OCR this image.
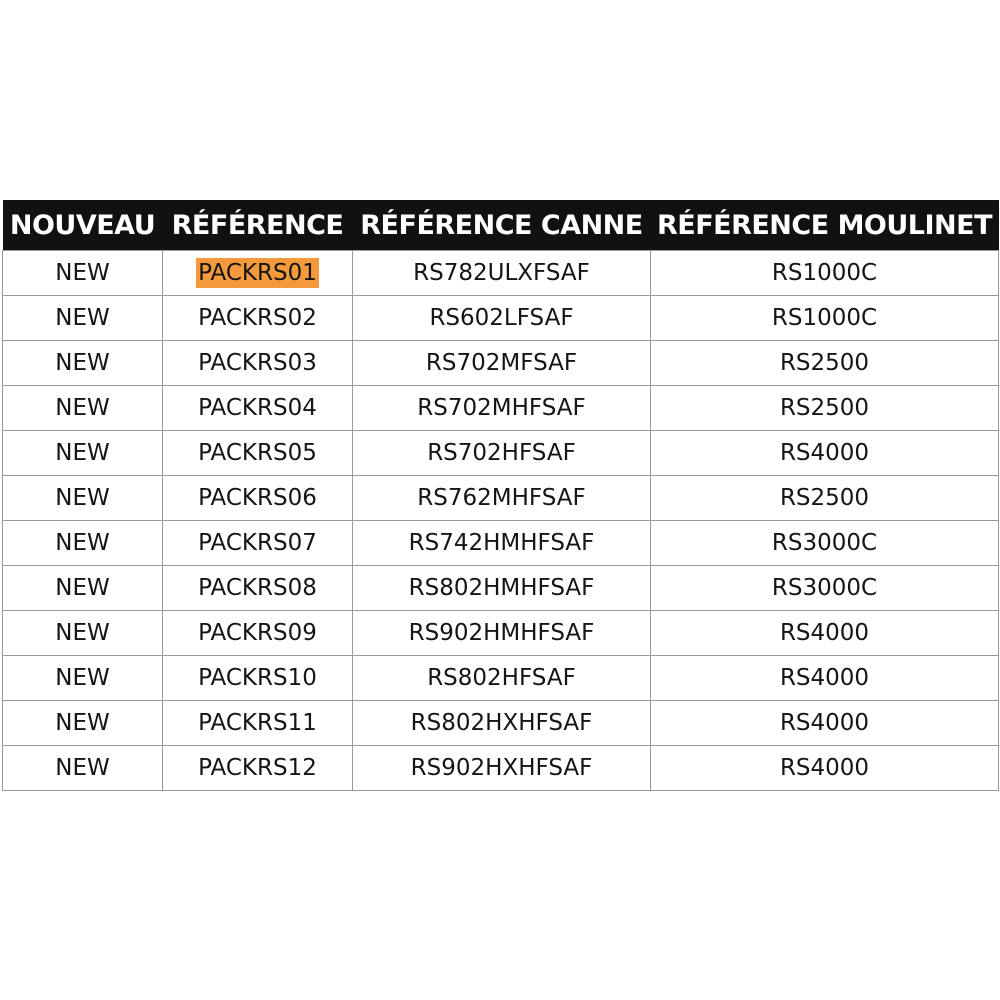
NOUVEAU	RÉFÉRENCE	RÉFÉRENCE CANNE	RÉFÉRENCE MOULINET
NEW	PACKRS01	RS782ULXFSAF	RS1000C
NEW	PACKRS02	RS602LFSAF	RS1000C
NEW	PACKRS03	RS702MFSAF	RS2500
NEW	PACKRS04	RS702MHFSAF	RS2500
NEW	PACKRS05	RS702HFSAF	RS4000
NEW	PACKRS06	RS762MHFSAF	RS2500
NEW	PACKRS07	RS742HMHFSAF	RS3000C
NEW	PACKRS08	RS802HMHFSAF	RS3000C
NEW	PACKRS09	RS902HMHFSAF	RS4000
NEW	PACKRS10	RS802HFSAF	RS4000
NEW	PACKRS11	RS802HXHFSAF	RS4000
NEW	PACKRS12	RS902HXHFSAF	RS4000
